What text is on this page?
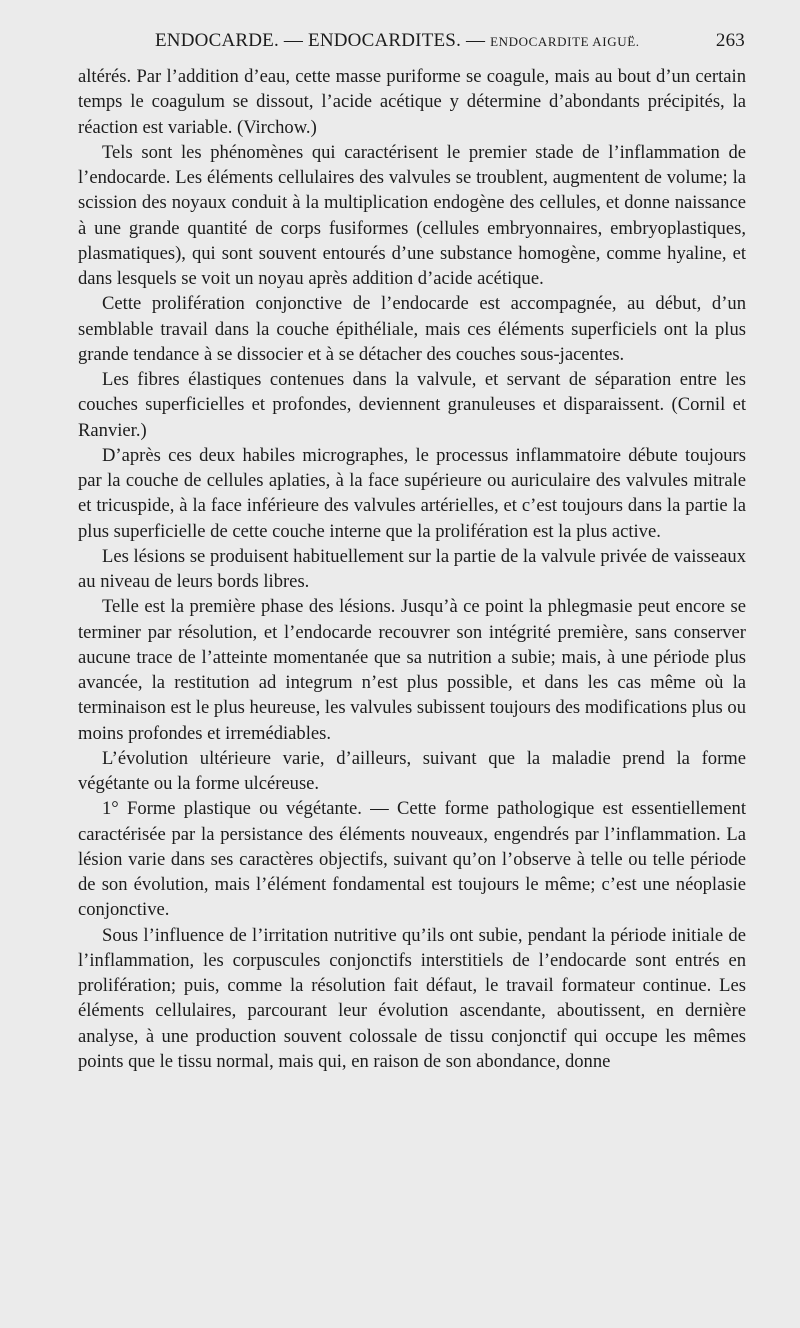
ENDOCARDE. — ENDOCARDITES. — ENDOCARDITE AIGUË.	263

altérés. Par l’addition d’eau, cette masse puriforme se coagule, mais au bout d’un certain temps le coagulum se dissout, l’acide acétique y détermine d’abondants précipités, la réaction est variable. (Virchow.)

Tels sont les phénomènes qui caractérisent le premier stade de l’inflammation de l’endocarde. Les éléments cellulaires des valvules se troublent, augmentent de volume; la scission des noyaux conduit à la multiplication endogène des cellules, et donne naissance à une grande quantité de corps fusiformes (cellules embryonnaires, embryoplastiques, plasmatiques), qui sont souvent entourés d’une substance homogène, comme hyaline, et dans lesquels se voit un noyau après addition d’acide acétique.

Cette prolifération conjonctive de l’endocarde est accompagnée, au début, d’un semblable travail dans la couche épithéliale, mais ces éléments superficiels ont la plus grande tendance à se dissocier et à se détacher des couches sous-jacentes.

Les fibres élastiques contenues dans la valvule, et servant de séparation entre les couches superficielles et profondes, deviennent granuleuses et disparaissent. (Cornil et Ranvier.)

D’après ces deux habiles micrographes, le processus inflammatoire débute toujours par la couche de cellules aplaties, à la face supérieure ou auriculaire des valvules mitrale et tricuspide, à la face inférieure des valvules artérielles, et c’est toujours dans la partie la plus superficielle de cette couche interne que la prolifération est la plus active.

Les lésions se produisent habituellement sur la partie de la valvule privée de vaisseaux au niveau de leurs bords libres.

Telle est la première phase des lésions. Jusqu’à ce point la phlegmasie peut encore se terminer par résolution, et l’endocarde recouvrer son intégrité première, sans conserver aucune trace de l’atteinte momentanée que sa nutrition a subie; mais, à une période plus avancée, la restitution ad integrum n’est plus possible, et dans les cas même où la terminaison est le plus heureuse, les valvules subissent toujours des modifications plus ou moins profondes et irremédiables.

L’évolution ultérieure varie, d’ailleurs, suivant que la maladie prend la forme végétante ou la forme ulcéreuse.

1° Forme plastique ou végétante. — Cette forme pathologique est essentiellement caractérisée par la persistance des éléments nouveaux, engendrés par l’inflammation. La lésion varie dans ses caractères objectifs, suivant qu’on l’observe à telle ou telle période de son évolution, mais l’élément fondamental est toujours le même; c’est une néoplasie conjonctive.

Sous l’influence de l’irritation nutritive qu’ils ont subie, pendant la période initiale de l’inflammation, les corpuscules conjonctifs interstitiels de l’endocarde sont entrés en prolifération; puis, comme la résolution fait défaut, le travail formateur continue. Les éléments cellulaires, parcourant leur évolution ascendante, aboutissent, en dernière analyse, à une production souvent colossale de tissu conjonctif qui occupe les mêmes points que le tissu normal, mais qui, en raison de son abondance, donne
